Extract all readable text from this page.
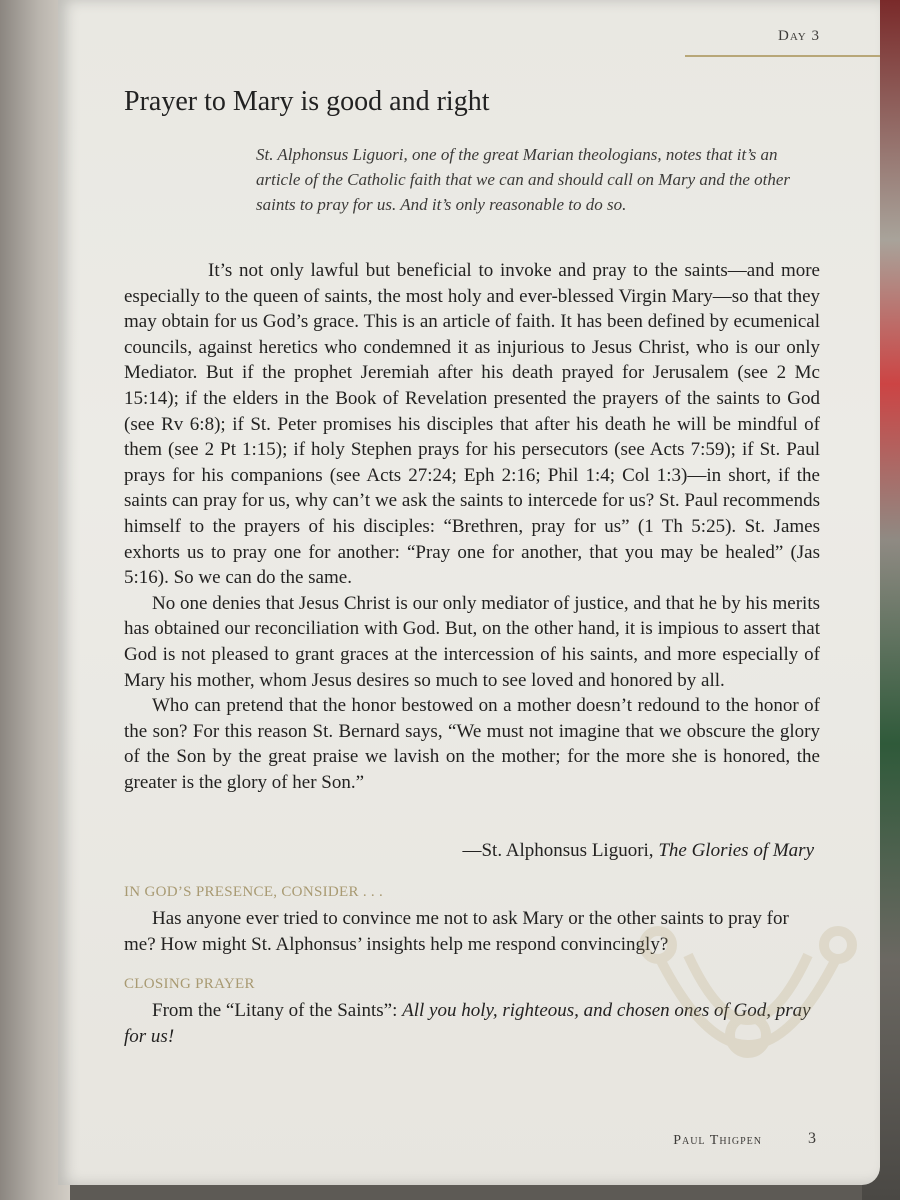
Day 3
Prayer to Mary is good and right
St. Alphonsus Liguori, one of the great Marian theologians, notes that it’s an article of the Catholic faith that we can and should call on Mary and the other saints to pray for us. And it’s only reasonable to do so.

It’s not only lawful but beneficial to invoke and pray to the saints—and more especially to the queen of saints, the most holy and ever-blessed Virgin Mary—so that they may obtain for us God’s grace. This is an article of faith. It has been defined by ecumenical councils, against heretics who condemned it as injurious to Jesus Christ, who is our only Mediator. But if the prophet Jeremiah after his death prayed for Jerusalem (see 2 Mc 15:14); if the elders in the Book of Revelation presented the prayers of the saints to God (see Rv 6:8); if St. Peter promises his disciples that after his death he will be mindful of them (see 2 Pt 1:15); if holy Stephen prays for his persecutors (see Acts 7:59); if St. Paul prays for his companions (see Acts 27:24; Eph 2:16; Phil 1:4; Col 1:3)—in short, if the saints can pray for us, why can’t we ask the saints to intercede for us? St. Paul recommends himself to the prayers of his disciples: “Brethren, pray for us” (1 Th 5:25). St. James exhorts us to pray one for another: “Pray one for another, that you may be healed” (Jas 5:16). So we can do the same.

No one denies that Jesus Christ is our only mediator of justice, and that he by his merits has obtained our reconciliation with God. But, on the other hand, it is impious to assert that God is not pleased to grant graces at the intercession of his saints, and more especially of Mary his mother, whom Jesus desires so much to see loved and honored by all.

Who can pretend that the honor bestowed on a mother doesn’t redound to the honor of the son? For this reason St. Bernard says, “We must not imagine that we obscure the glory of the Son by the great praise we lavish on the mother; for the more she is honored, the greater is the glory of her Son.”

—St. Alphonsus Liguori, The Glories of Mary
IN GOD’S PRESENCE, CONSIDER . . .

Has anyone ever tried to convince me not to ask Mary or the other saints to pray for me? How might St. Alphonsus’ insights help me respond convincingly?

CLOSING PRAYER

From the “Litany of the Saints”: All you holy, righteous, and chosen ones of God, pray for us!

Paul Thigpen	3
